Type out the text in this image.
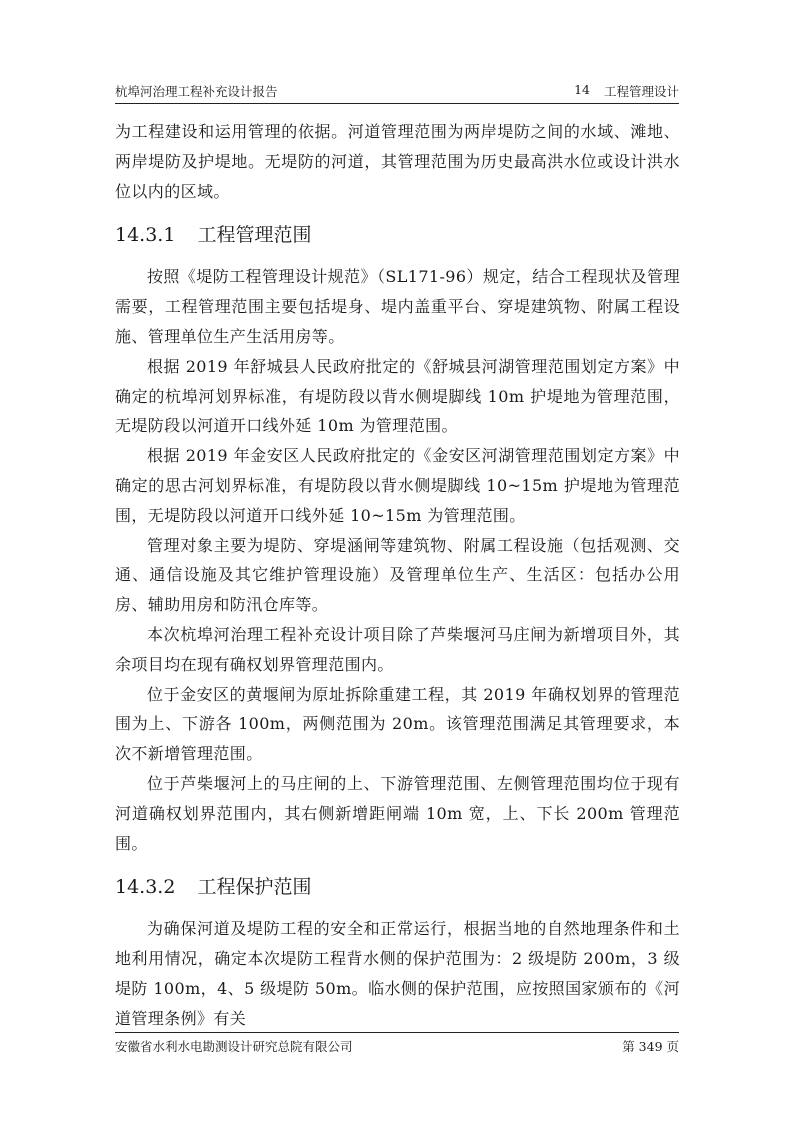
杭埠河治理工程补充设计报告	14 工程管理设计

为工程建设和运用管理的依据。河道管理范围为两岸堤防之间的水域、滩地、两岸堤防及护堤地。无堤防的河道，其管理范围为历史最高洪水位或设计洪水位以内的区域。

14.3.1 工程管理范围

按照《堤防工程管理设计规范》（SL171-96）规定，结合工程现状及管理需要，工程管理范围主要包括堤身、堤内盖重平台、穿堤建筑物、附属工程设施、管理单位生产生活用房等。

根据 2019 年舒城县人民政府批定的《舒城县河湖管理范围划定方案》中确定的杭埠河划界标准，有堤防段以背水侧堤脚线 10m 护堤地为管理范围，无堤防段以河道开口线外延 10m 为管理范围。

根据 2019 年金安区人民政府批定的《金安区河湖管理范围划定方案》中确定的思古河划界标准，有堤防段以背水侧堤脚线 10~15m 护堤地为管理范围，无堤防段以河道开口线外延 10~15m 为管理范围。

管理对象主要为堤防、穿堤涵闸等建筑物、附属工程设施（包括观测、交通、通信设施及其它维护管理设施）及管理单位生产、生活区：包括办公用房、辅助用房和防汛仓库等。

本次杭埠河治理工程补充设计项目除了芦柴堰河马庄闸为新增项目外，其余项目均在现有确权划界管理范围内。

位于金安区的黄堰闸为原址拆除重建工程，其 2019 年确权划界的管理范围为上、下游各 100m，两侧范围为 20m。该管理范围满足其管理要求，本次不新增管理范围。

位于芦柴堰河上的马庄闸的上、下游管理范围、左侧管理范围均位于现有河道确权划界范围内，其右侧新增距闸端 10m 宽，上、下长 200m 管理范围。

14.3.2 工程保护范围

为确保河道及堤防工程的安全和正常运行，根据当地的自然地理条件和土地利用情况，确定本次堤防工程背水侧的保护范围为：2 级堤防 200m，3 级堤防 100m，4、5 级堤防 50m。临水侧的保护范围，应按照国家颁布的《河道管理条例》有关

安徽省水利水电勘测设计研究总院有限公司	第 349 页
